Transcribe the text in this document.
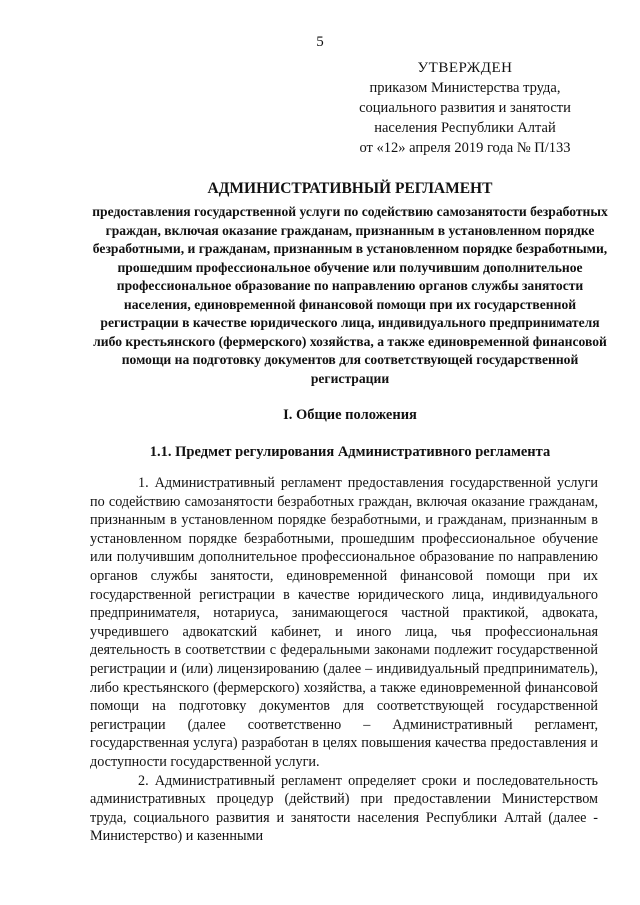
5
УТВЕРЖДЕН
приказом Министерства труда,
социального развития и занятости
населения Республики Алтай
от «12» апреля 2019 года № П/133
АДМИНИСТРАТИВНЫЙ РЕГЛАМЕНТ
предоставления государственной услуги по содействию самозанятости безработных граждан, включая оказание гражданам, признанным в установленном порядке безработными, и гражданам, признанным в установленном порядке безработными, прошедшим профессиональное обучение или получившим дополнительное профессиональное образование по направлению органов службы занятости населения, единовременной финансовой помощи при их государственной регистрации в качестве юридического лица, индивидуального предпринимателя либо крестьянского (фермерского) хозяйства, а также единовременной финансовой помощи на подготовку документов для соответствующей государственной регистрации
I. Общие положения
1.1. Предмет регулирования Административного регламента

1. Административный регламент предоставления государственной услуги по содействию самозанятости безработных граждан, включая оказание гражданам, признанным в установленном порядке безработными, и гражданам, признанным в установленном порядке безработными, прошедшим профессиональное обучение или получившим дополнительное профессиональное образование по направлению органов службы занятости, единовременной финансовой помощи при их государственной регистрации в качестве юридического лица, индивидуального предпринимателя, нотариуса, занимающегося частной практикой, адвоката, учредившего адвокатский кабинет, и иного лица, чья профессиональная деятельность в соответствии с федеральными законами подлежит государственной регистрации и (или) лицензированию (далее – индивидуальный предприниматель), либо крестьянского (фермерского) хозяйства, а также единовременной финансовой помощи на подготовку документов для соответствующей государственной регистрации (далее соответственно – Административный регламент, государственная услуга) разработан в целях повышения качества предоставления и доступности государственной услуги.

2. Административный регламент определяет сроки и последовательность административных процедур (действий) при предоставлении Министерством труда, социального развития и занятости населения Республики Алтай (далее - Министерство) и казенными
